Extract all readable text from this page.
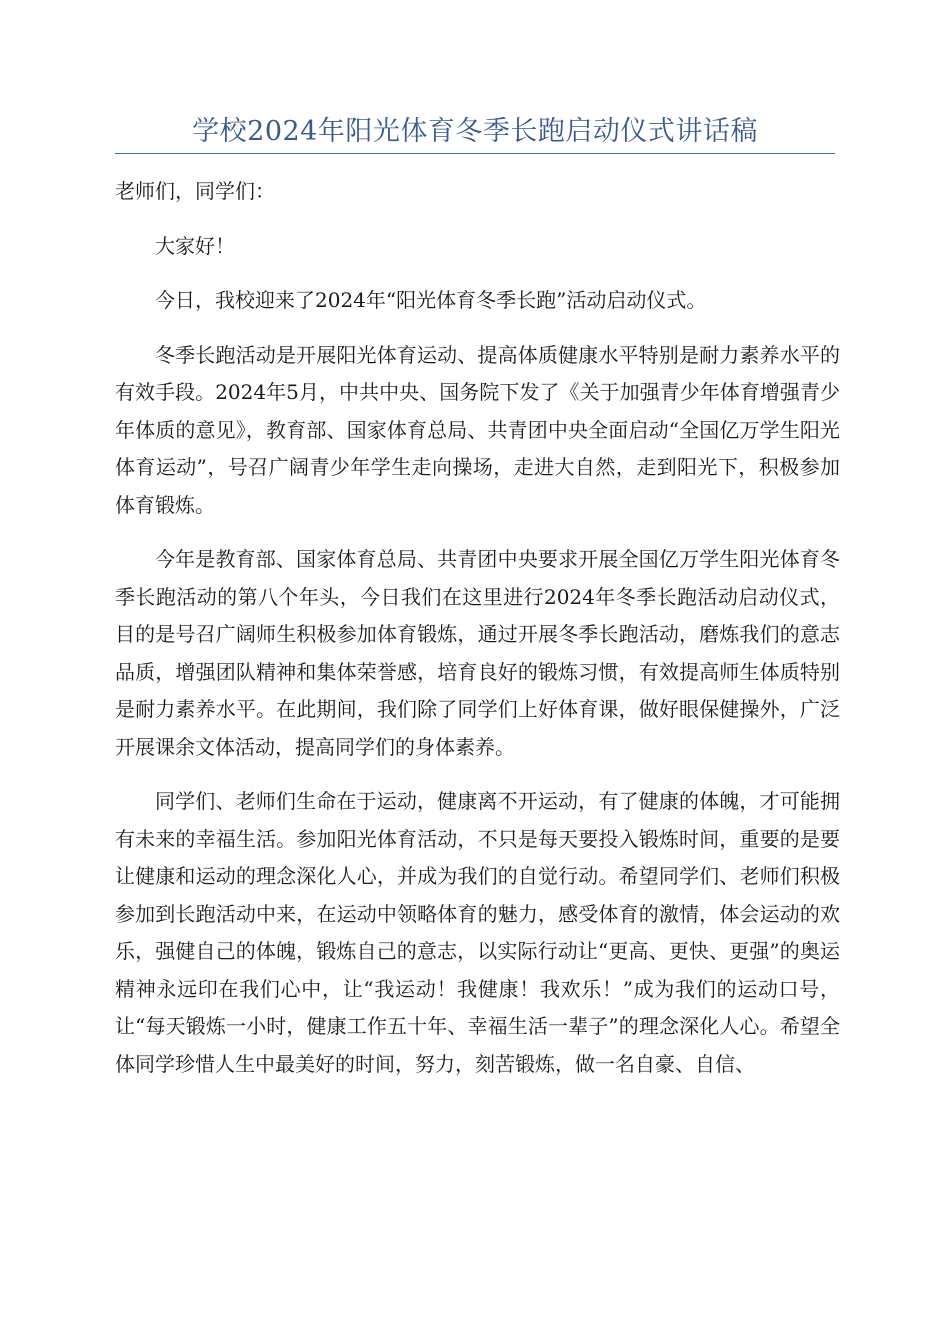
学校2024年阳光体育冬季长跑启动仪式讲话稿

老师们，同学们：

大家好！

今日，我校迎来了2024年“阳光体育冬季长跑”活动启动仪式。

冬季长跑活动是开展阳光体育运动、提高体质健康水平特别是耐力素养水平的有效手段。2024年5月，中共中央、国务院下发了《关于加强青少年体育增强青少年体质的意见》，教育部、国家体育总局、共青团中央全面启动“全国亿万学生阳光体育运动”，号召广阔青少年学生走向操场，走进大自然，走到阳光下，积极参加体育锻炼。

今年是教育部、国家体育总局、共青团中央要求开展全国亿万学生阳光体育冬季长跑活动的第八个年头，今日我们在这里进行2024年冬季长跑活动启动仪式，目的是号召广阔师生积极参加体育锻炼，通过开展冬季长跑活动，磨炼我们的意志品质，增强团队精神和集体荣誉感，培育良好的锻炼习惯，有效提高师生体质特别是耐力素养水平。在此期间，我们除了同学们上好体育课，做好眼保健操外，广泛开展课余文体活动，提高同学们的身体素养。

同学们、老师们生命在于运动，健康离不开运动，有了健康的体魄，才可能拥有未来的幸福生活。参加阳光体育活动，不只是每天要投入锻炼时间，重要的是要让健康和运动的理念深化人心，并成为我们的自觉行动。希望同学们、老师们积极参加到长跑活动中来，在运动中领略体育的魅力，感受体育的激情，体会运动的欢乐，强健自己的体魄，锻炼自己的意志，以实际行动让“更高、更快、更强”的奥运精神永远印在我们心中，让“我运动！我健康！我欢乐！”成为我们的运动口号，让“每天锻炼一小时，健康工作五十年、幸福生活一辈子”的理念深化人心。希望全体同学珍惜人生中最美好的时间，努力，刻苦锻炼，做一名自豪、自信、
